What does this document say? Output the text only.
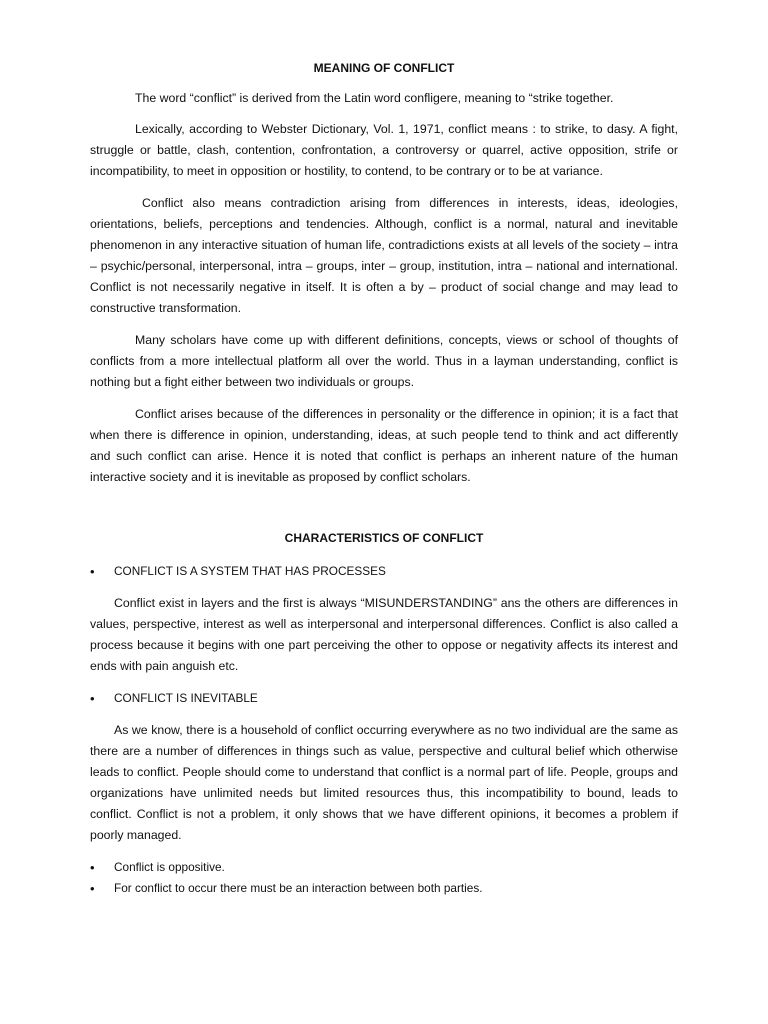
MEANING OF CONFLICT

The word “conflict” is derived from the Latin word confligere, meaning to “strike together.

Lexically, according to Webster Dictionary, Vol. 1, 1971, conflict means : to strike, to dasy. A fight, struggle or battle, clash, contention, confrontation, a controversy or quarrel, active opposition, strife or incompatibility, to meet in opposition or hostility, to contend, to be contrary or to be at variance.

Conflict also means contradiction arising from differences in interests, ideas, ideologies, orientations, beliefs, perceptions and tendencies. Although, conflict is a normal, natural and inevitable phenomenon in any interactive situation of human life, contradictions exists at all levels of the society – intra – psychic/personal, interpersonal, intra – groups, inter – group, institution, intra – national and international. Conflict is not necessarily negative in itself. It is often a by – product of social change and may lead to constructive transformation.

Many scholars have come up with different definitions, concepts, views or school of thoughts of conflicts from a more intellectual platform all over the world. Thus in a layman understanding, conflict is nothing but a fight either between two individuals or groups.

Conflict arises because of the differences in personality or the difference in opinion; it is a fact that when there is difference in opinion, understanding, ideas, at such people tend to think and act differently and such conflict can arise. Hence it is noted that conflict is perhaps an inherent nature of the human interactive society and it is inevitable as proposed by conflict scholars.

CHARACTERISTICS OF CONFLICT
• CONFLICT IS A SYSTEM THAT HAS PROCESSES

Conflict exist in layers and the first is always “MISUNDERSTANDING” ans the others are differences in values, perspective, interest as well as interpersonal and interpersonal differences. Conflict is also called a process because it begins with one part perceiving the other to oppose or negativity affects its interest and ends with pain anguish etc.

• CONFLICT IS INEVITABLE

As we know, there is a household of conflict occurring everywhere as no two individual are the same as there are a number of differences in things such as value, perspective and cultural belief which otherwise leads to conflict. People should come to understand that conflict is a normal part of life. People, groups and organizations have unlimited needs but limited resources thus, this incompatibility to bound, leads to conflict. Conflict is not a problem, it only shows that we have different opinions, it becomes a problem if poorly managed.

• Conflict is oppositive.
• For conflict to occur there must be an interaction between both parties.
